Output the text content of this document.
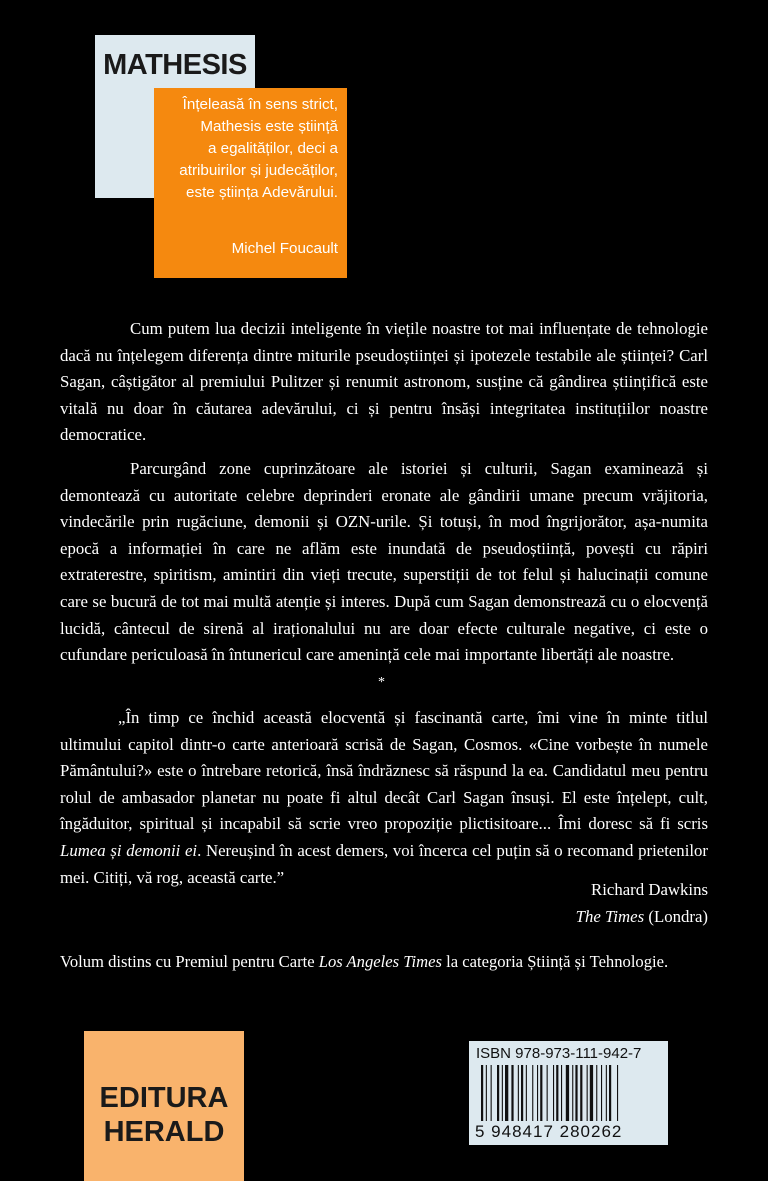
MATHESIS
Înțeleasă în sens strict,
Mathesis este știință
a egalităților, deci a
atribuirilor și judecăților,
este știința Adevărului.
Michel Foucault

Cum putem lua decizii inteligente în viețile noastre tot mai influențate de tehnologie dacă nu înțelegem diferența dintre miturile pseudoștiinței și ipotezele testabile ale științei? Carl Sagan, câștigător al premiului Pulitzer și renumit astronom, susține că gândirea științifică este vitală nu doar în căutarea adevărului, ci și pentru însăși integritatea instituțiilor noastre democratice.

Parcurgând zone cuprinzătoare ale istoriei și culturii, Sagan examinează și demontează cu autoritate celebre deprinderi eronate ale gândirii umane precum vrăjitoria, vindecările prin rugăciune, demonii și OZN-urile. Și totuși, în mod îngrijorător, așa-numita epocă a informației în care ne aflăm este inundată de pseudoștiință, povești cu răpiri extraterestre, spiritism, amintiri din vieți trecute, superstiții de tot felul și halucinații comune care se bucură de tot mai multă atenție și interes. După cum Sagan demonstrează cu o elocvență lucidă, cântecul de sirenă al iraționalului nu are doar efecte culturale negative, ci este o cufundare periculoasă în întunericul care amenință cele mai importante libertăți ale noastre.

*

„În timp ce închid această elocventă și fascinantă carte, îmi vine în minte titlul ultimului capitol dintr-o carte anterioară scrisă de Sagan, Cosmos. «Cine vorbește în numele Pământului?» este o întrebare retorică, însă îndrăznesc să răspund la ea. Candidatul meu pentru rolul de ambasador planetar nu poate fi altul decât Carl Sagan însuși. El este înțelept, cult, îngăduitor, spiritual și incapabil să scrie vreo propoziție plictisitoare... Îmi doresc să fi scris Lumea și demonii ei. Nereușind în acest demers, voi încerca cel puțin să o recomand prietenilor mei. Citiți, vă rog, această carte.”

Richard Dawkins
The Times (Londra)
Volum distins cu Premiul pentru Carte Los Angeles Times la categoria Știință și Tehnologie.
EDITURA
HERALD
ISBN 978-973-111-942-7
5 948417 280262
